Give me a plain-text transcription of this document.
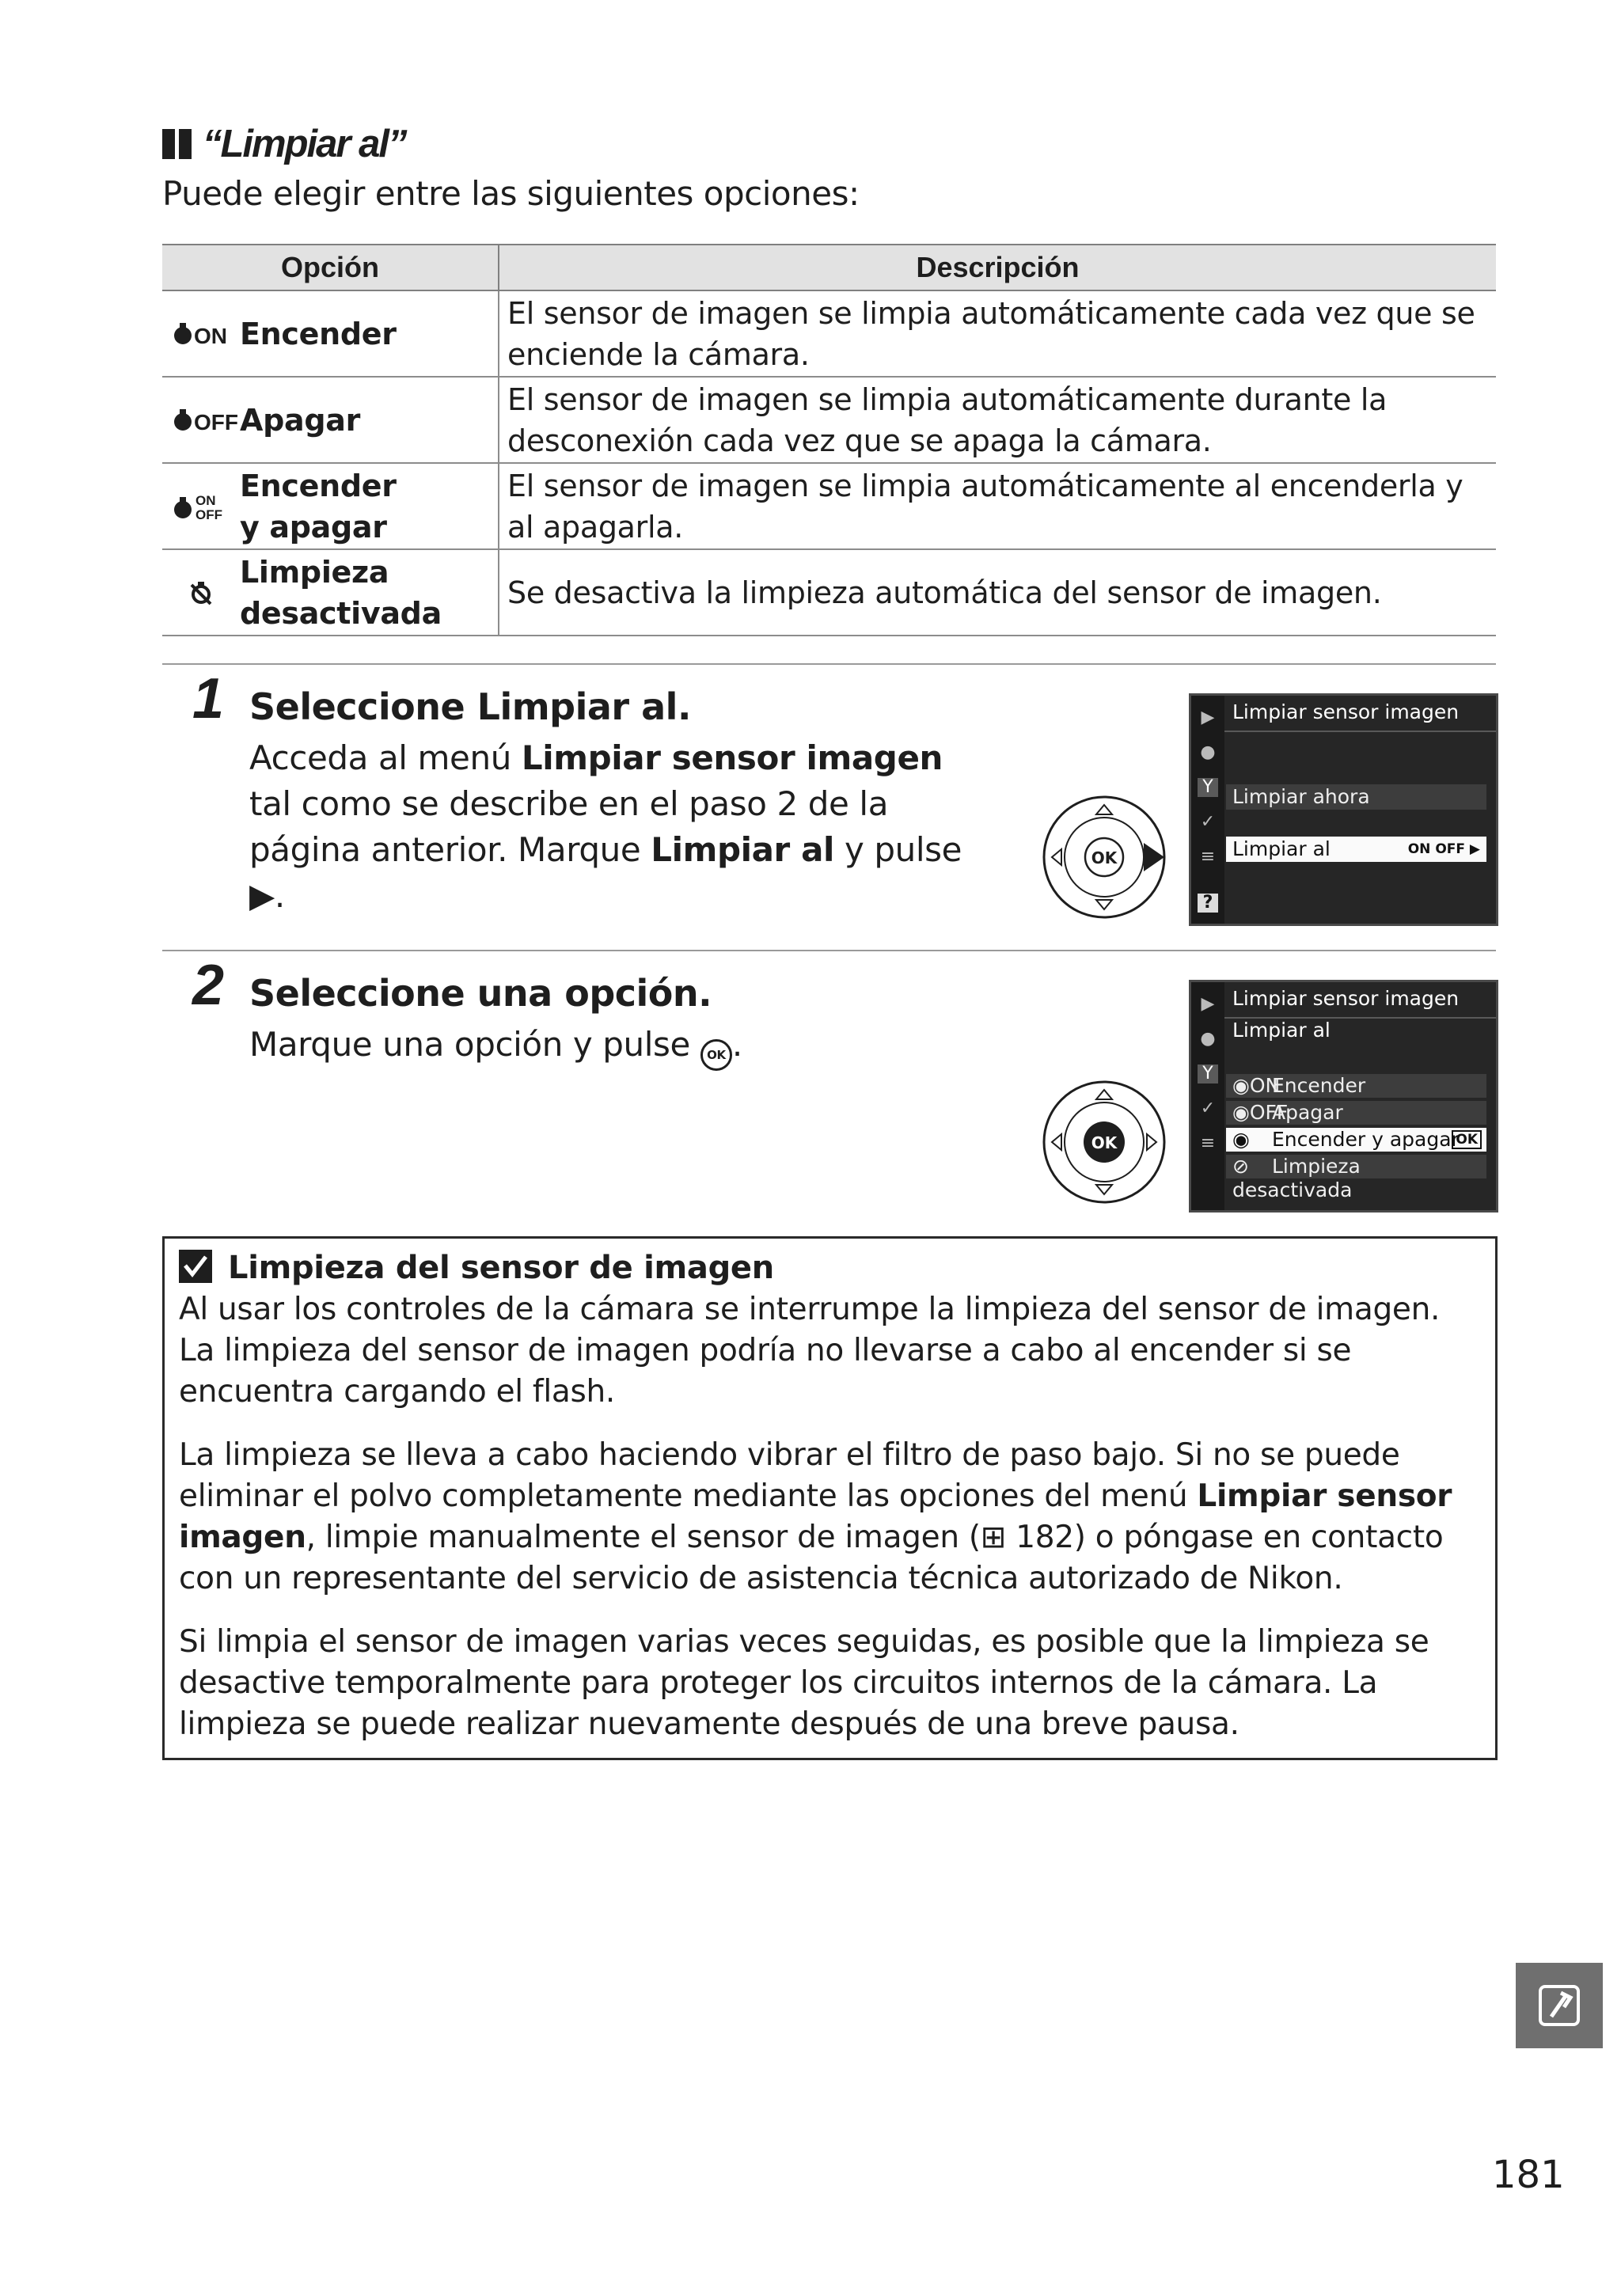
“Limpiar al”
Puede elegir entre las siguientes opciones:
Opción	Descripción

ON Encender	El sensor de imagen se limpia automáticamente cada vez que se enciende la cámara.

OFF Apagar	El sensor de imagen se limpia automáticamente durante la desconexión cada vez que se apaga la cámara.

ON
OFF
Encender y apagar	El sensor de imagen se limpia automáticamente al encenderla y al apagarla.

Limpieza desactivada	Se desactiva la limpieza automática del sensor de imagen.
1 Seleccione Limpiar al.
Acceda al menú Limpiar sensor imagen tal como se describe en el paso 2 de la página anterior. Marque Limpiar al y pulse ▶.
OK
▶
●
Y
✓
≡
?
Limpiar sensor imagen
Limpiar ahora
Limpiar al	ON OFF ▶
2 Seleccione una opción.
Marque una opción y pulse OK .
OK
▶
●
Y
✓
≡
Limpiar sensor imagen
Limpiar al
◉ONEncender
◉OFFApagar
◉ Encender y apagar
OK
⊘ Limpieza desactivada
Limpieza del sensor de imagen
Al usar los controles de la cámara se interrumpe la limpieza del sensor de imagen. La limpieza del sensor de imagen podría no llevarse a cabo al encender si se encuentra cargando el flash.
La limpieza se lleva a cabo haciendo vibrar el filtro de paso bajo. Si no se puede eliminar el polvo completamente mediante las opciones del menú Limpiar sensor imagen, limpie manualmente el sensor de imagen (⊞ 182) o póngase en contacto con un representante del servicio de asistencia técnica autorizado de Nikon.
Si limpia el sensor de imagen varias veces seguidas, es posible que la limpieza se desactive temporalmente para proteger los circuitos internos de la cámara. La limpieza se puede realizar nuevamente después de una breve pausa.
181
